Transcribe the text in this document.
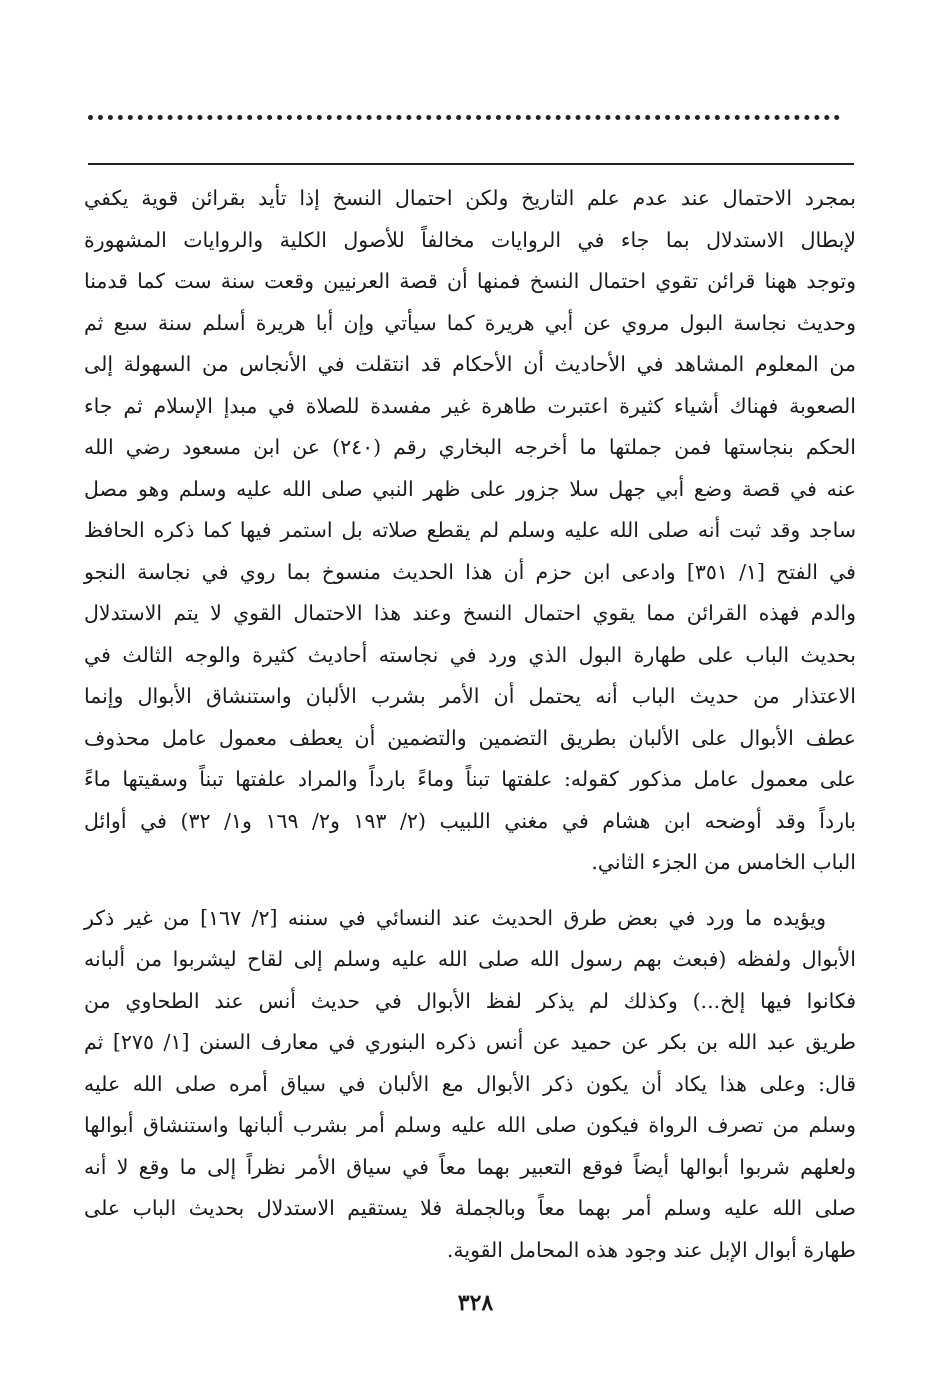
بمجرد الاحتمال عند عدم علم التاريخ ولكن احتمال النسخ إذا تأيد بقرائن قوية يكفي
لإبطال الاستدلال بما جاء في الروايات مخالفاً للأصول الكلية والروايات المشهورة
وتوجد ههنا قرائن تقوي احتمال النسخ فمنها أن قصة العرنيين وقعت سنة ست كما قدمنا
وحديث نجاسة البول مروي عن أبي هريرة كما سيأتي وإن أبا هريرة أسلم سنة سبع ثم
من المعلوم المشاهد في الأحاديث أن الأحكام قد انتقلت في الأنجاس من السهولة إلى
الصعوبة فهناك أشياء كثيرة اعتبرت طاهرة غير مفسدة للصلاة في مبدإ الإسلام ثم جاء
الحكم بنجاستها فمن جملتها ما أخرجه البخاري رقم (٢٤٠) عن ابن مسعود رضي الله
عنه في قصة وضع أبي جهل سلا جزور على ظهر النبي صلى الله عليه وسلم وهو مصل
ساجد وقد ثبت أنه صلى الله عليه وسلم لم يقطع صلاته بل استمر فيها كما ذكره الحافظ
في الفتح [١/ ٣٥١] وادعى ابن حزم أن هذا الحديث منسوخ بما روي في نجاسة النجو
والدم فهذه القرائن مما يقوي احتمال النسخ وعند هذا الاحتمال القوي لا يتم الاستدلال
بحديث الباب على طهارة البول الذي ورد في نجاسته أحاديث كثيرة والوجه الثالث في
الاعتذار من حديث الباب أنه يحتمل أن الأمر بشرب الألبان واستنشاق الأبوال وإنما
عطف الأبوال على الألبان بطريق التضمين والتضمين أن يعطف معمول عامل محذوف
على معمول عامل مذكور كقوله: علفتها تبناً وماءً بارداً والمراد علفتها تبناً وسقيتها ماءً
بارداً وقد أوضحه ابن هشام في مغني اللبيب (٢/ ١٩٣ و٢/ ١٦٩ و١/ ٣٢) في أوائل
الباب الخامس من الجزء الثاني.

ويؤيده ما ورد في بعض طرق الحديث عند النسائي في سننه [٢/ ١٦٧] من غير ذكر
الأبوال ولفظه (فبعث بهم رسول الله صلى الله عليه وسلم إلى لقاح ليشربوا من ألبانه
فكانوا فيها إلخ...) وكذلك لم يذكر لفظ الأبوال في حديث أنس عند الطحاوي من
طريق عبد الله بن بكر عن حميد عن أنس ذكره البنوري في معارف السنن [١/ ٢٧٥] ثم
قال: وعلى هذا يكاد أن يكون ذكر الأبوال مع الألبان في سياق أمره صلى الله عليه
وسلم من تصرف الرواة فيكون صلى الله عليه وسلم أمر بشرب ألبانها واستنشاق أبوالها
ولعلهم شربوا أبوالها أيضاً فوقع التعبير بهما معاً في سياق الأمر نظراً إلى ما وقع لا أنه
صلى الله عليه وسلم أمر بهما معاً وبالجملة فلا يستقيم الاستدلال بحديث الباب على
طهارة أبوال الإبل عند وجود هذه المحامل القوية.

٣٢٨
